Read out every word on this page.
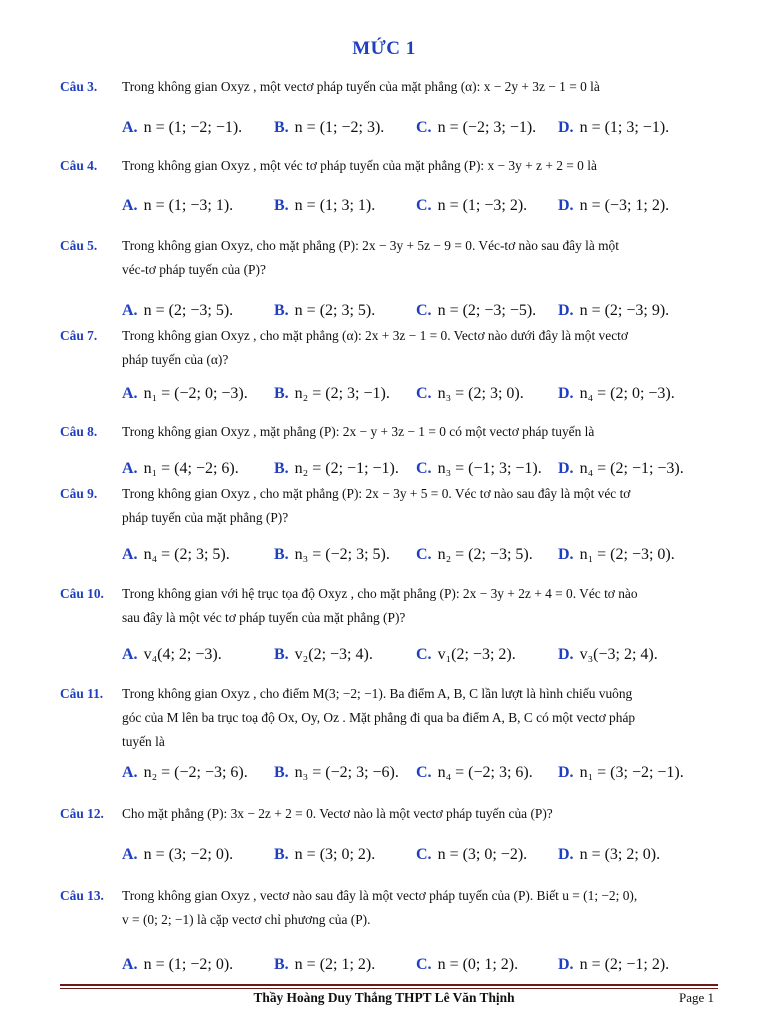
MỨC 1
Câu 3. Trong không gian Oxyz , một vectơ pháp tuyến của mặt phẳng (α): x − 2y + 3z − 1 = 0 là
A. n = (1; −2; −1). B. n = (1; −2; 3). C. n = (−2; 3; −1). D. n = (1; 3; −1).
Câu 4. Trong không gian Oxyz , một véc tơ pháp tuyến của mặt phẳng (P): x − 3y + z + 2 = 0 là
A. n = (1; −3; 1).	B. n = (1; 3; 1).	C. n = (1; −3; 2). D. n = (−3; 1; 2).
Câu 5. Trong không gian Oxyz, cho mặt phẳng (P): 2x − 3y + 5z − 9 = 0. Véc-tơ nào sau đây là một
véc-tơ pháp tuyến của (P)?
A. n = (2; −3; 5).	B. n = (2; 3; 5).	C. n = (2; −3; −5). D. n = (2; −3; 9).
Câu 7. Trong không gian Oxyz , cho mặt phẳng (α): 2x + 3z − 1 = 0. Vectơ nào dưới đây là một vectơ
pháp tuyến của (α)?
A. n₁ = (−2; 0; −3). B. n₂ = (2; 3; −1). C. n₃ = (2; 3; 0). D. n₄ = (2; 0; −3).
Câu 8. Trong không gian Oxyz , mặt phẳng (P): 2x − y + 3z − 1 = 0 có một vectơ pháp tuyến là
A. n₁ = (4; −2; 6). B. n₂ = (2; −1; −1). C. n₃ = (−1; 3; −1). D. n₄ = (2; −1; −3).
Câu 9. Trong không gian Oxyz , cho mặt phẳng (P): 2x − 3y + 5 = 0. Véc tơ nào sau đây là một véc tơ
pháp tuyến của mặt phẳng (P)?
A. n₄ = (2; 3; 5).	B. n₃ = (−2; 3; 5). C. n₂ = (2; −3; 5). D. n₁ = (2; −3; 0).
Câu 10. Trong không gian với hệ trục tọa độ Oxyz , cho mặt phẳng (P): 2x − 3y + 2z + 4 = 0. Véc tơ nào
sau đây là một véc tơ pháp tuyến của mặt phẳng (P)?
A. v₄(4; 2; −3).	B. v₂(2; −3; 4).	C. v₁(2; −3; 2).	D. v₃(−3; 2; 4).
Câu 11. Trong không gian Oxyz , cho điểm M(3; −2; −1). Ba điểm A, B, C lần lượt là hình chiếu vuông
góc của M lên ba trục toạ độ Ox, Oy, Oz . Mặt phẳng đi qua ba điểm A, B, C có một vectơ pháp
tuyến là
A. n₂ = (−2; −3; 6). B. n₃ = (−2; 3; −6). C. n₄ = (−2; 3; 6). D. n₁ = (3; −2; −1).
Câu 12. Cho mặt phẳng (P): 3x − 2z + 2 = 0. Vectơ nào là một vectơ pháp tuyến của (P)?
A. n = (3; −2; 0).	B. n = (3; 0; 2).	C. n = (3; 0; −2). D. n = (3; 2; 0).
Câu 13. Trong không gian Oxyz , vectơ nào sau đây là một vectơ pháp tuyến của (P). Biết u = (1; −2; 0),
v = (0; 2; −1) là cặp vectơ chỉ phương của (P).
A. n = (1; −2; 0).	B. n = (2; 1; 2).	C. n = (0; 1; 2). D. n = (2; −1; 2).
Thầy Hoàng Duy Thắng THPT Lê Văn Thịnh	Page 1
